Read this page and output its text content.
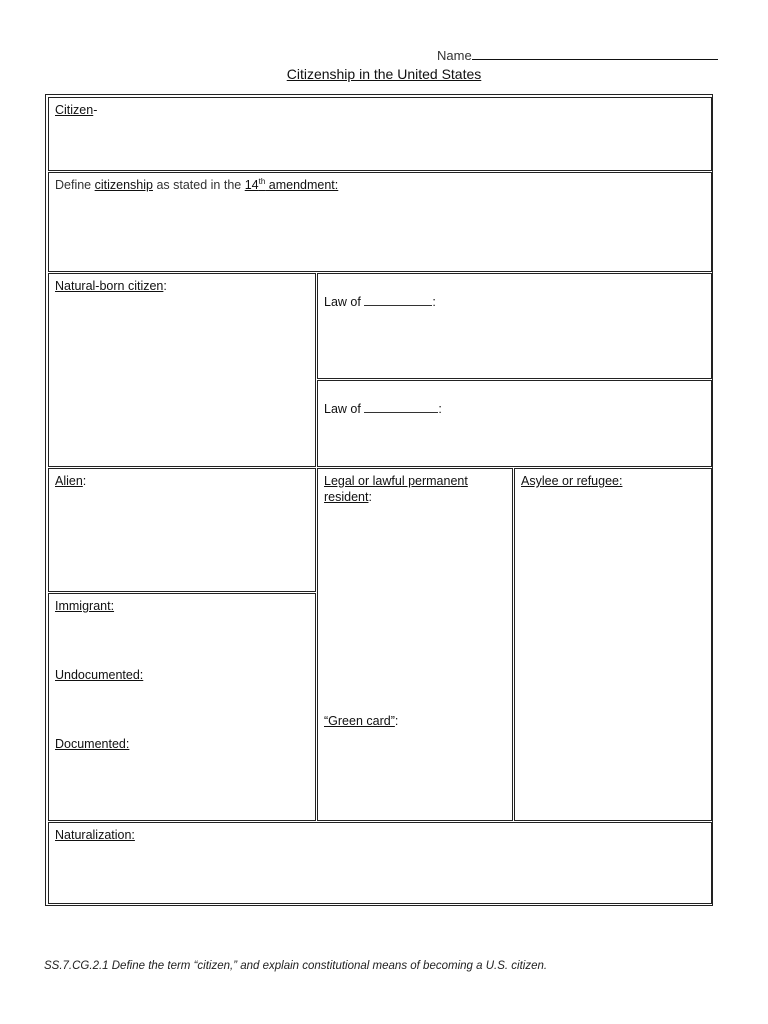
Name
Citizenship in the United States
Citizen-
Define citizenship as stated in the 14th amendment:
Natural-born citizen:
Law of	:
Law of	:
Alien:
Immigrant:
Undocumented:
Documented:
Legal or lawful permanent
resident:
“Green card”:
Asylee or refugee:
Naturalization:
SS.7.CG.2.1 Define the term “citizen,” and explain constitutional means of becoming a U.S. citizen.
